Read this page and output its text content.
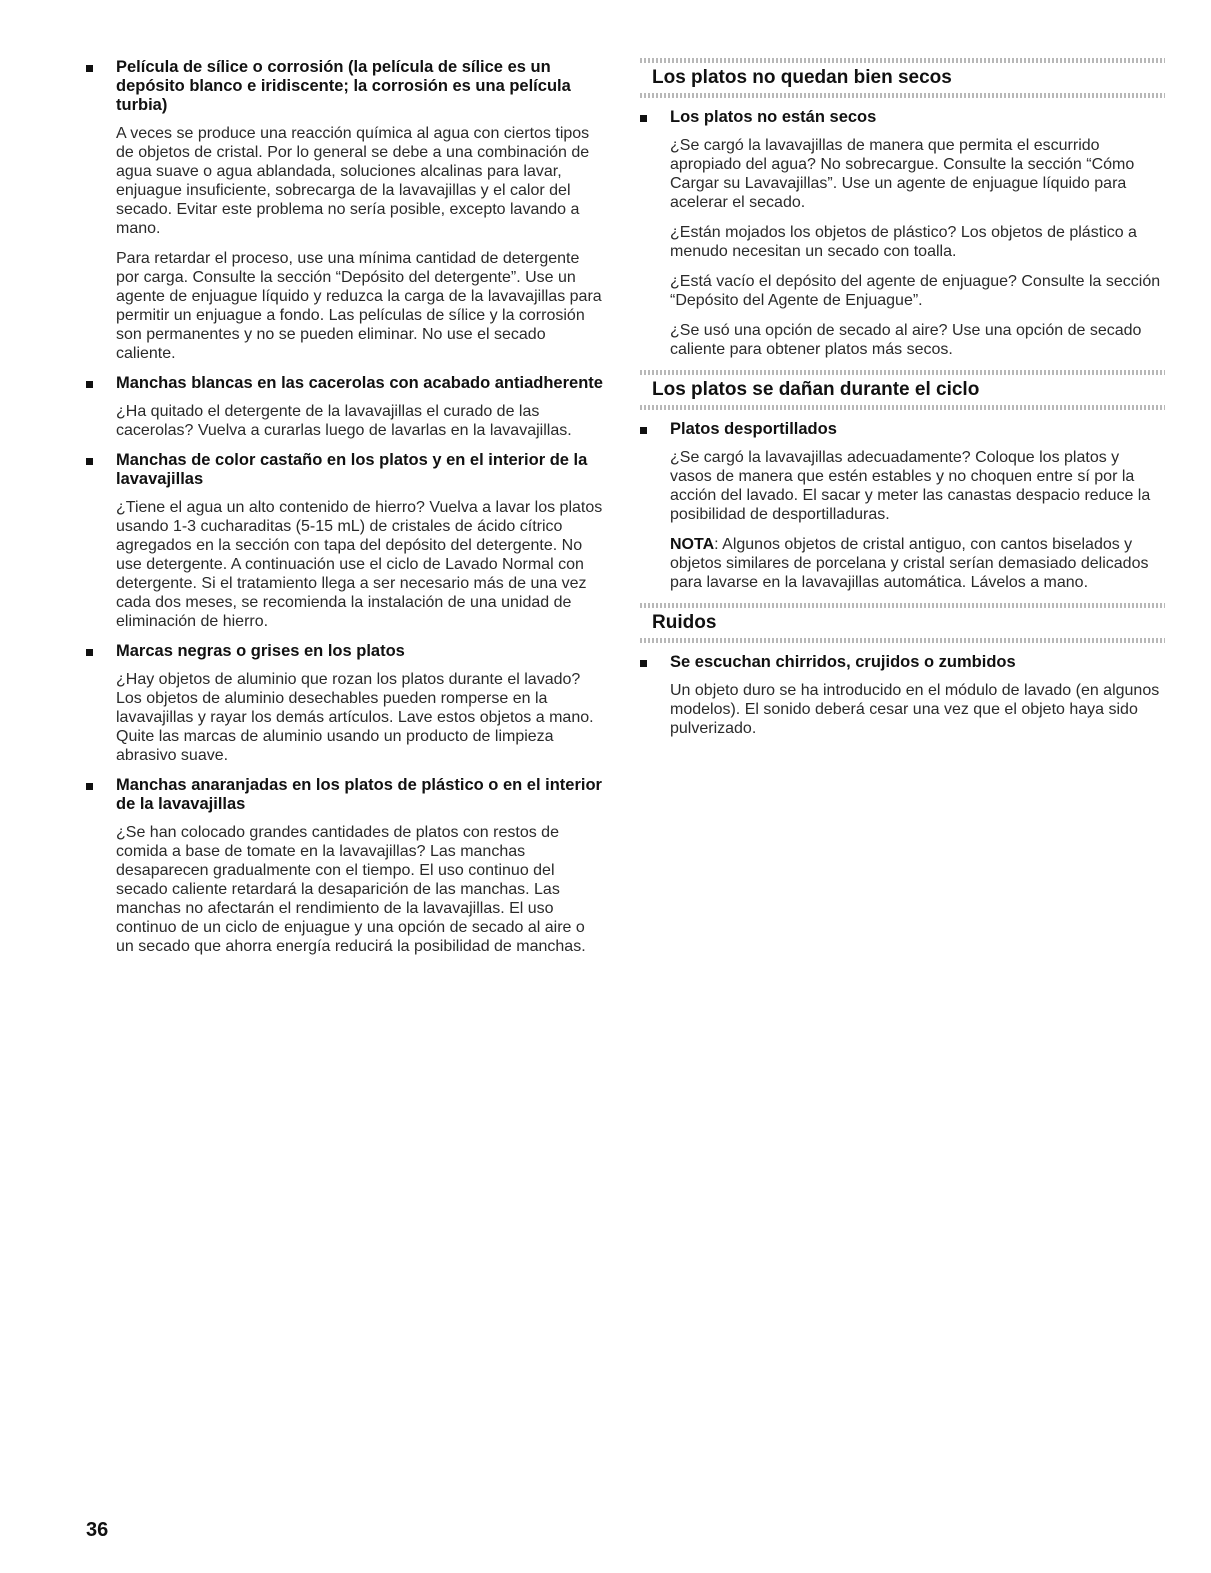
Película de sílice o corrosión (la película de sílice es un depósito blanco e iridiscente; la corrosión es una película turbia)

A veces se produce una reacción química al agua con ciertos tipos de objetos de cristal. Por lo general se debe a una combinación de agua suave o agua ablandada, soluciones alcalinas para lavar, enjuague insuficiente, sobrecarga de la lavavajillas y el calor del secado. Evitar este problema no sería posible, excepto lavando a mano.

Para retardar el proceso, use una mínima cantidad de detergente por carga. Consulte la sección “Depósito del detergente”. Use un agente de enjuague líquido y reduzca la carga de la lavavajillas para permitir un enjuague a fondo. Las películas de sílice y la corrosión son permanentes y no se pueden eliminar. No use el secado caliente.

Manchas blancas en las cacerolas con acabado antiadherente

¿Ha quitado el detergente de la lavavajillas el curado de las cacerolas? Vuelva a curarlas luego de lavarlas en la lavavajillas.

Manchas de color castaño en los platos y en el interior de la lavavajillas

¿Tiene el agua un alto contenido de hierro? Vuelva a lavar los platos usando 1-3 cucharaditas (5-15 mL) de cristales de ácido cítrico agregados en la sección con tapa del depósito del detergente. No use detergente. A continuación use el ciclo de Lavado Normal con detergente. Si el tratamiento llega a ser necesario más de una vez cada dos meses, se recomienda la instalación de una unidad de eliminación de hierro.

Marcas negras o grises en los platos

¿Hay objetos de aluminio que rozan los platos durante el lavado? Los objetos de aluminio desechables pueden romperse en la lavavajillas y rayar los demás artículos. Lave estos objetos a mano. Quite las marcas de aluminio usando un producto de limpieza abrasivo suave.

Manchas anaranjadas en los platos de plástico o en el interior de la lavavajillas

¿Se han colocado grandes cantidades de platos con restos de comida a base de tomate en la lavavajillas? Las manchas desaparecen gradualmente con el tiempo. El uso continuo del secado caliente retardará la desaparición de las manchas. Las manchas no afectarán el rendimiento de la lavavajillas. El uso continuo de un ciclo de enjuague y una opción de secado al aire o un secado que ahorra energía reducirá la posibilidad de manchas.

Los platos no quedan bien secos
Los platos no están secos

¿Se cargó la lavavajillas de manera que permita el escurrido apropiado del agua? No sobrecargue. Consulte la sección “Cómo Cargar su Lavavajillas”. Use un agente de enjuague líquido para acelerar el secado.

¿Están mojados los objetos de plástico? Los objetos de plástico a menudo necesitan un secado con toalla.

¿Está vacío el depósito del agente de enjuague? Consulte la sección “Depósito del Agente de Enjuague”.

¿Se usó una opción de secado al aire? Use una opción de secado caliente para obtener platos más secos.

Los platos se dañan durante el ciclo
Platos desportillados

¿Se cargó la lavavajillas adecuadamente? Coloque los platos y vasos de manera que estén estables y no choquen entre sí por la acción del lavado. El sacar y meter las canastas despacio reduce la posibilidad de desportilladuras.

NOTA: Algunos objetos de cristal antiguo, con cantos biselados y objetos similares de porcelana y cristal serían demasiado delicados para lavarse en la lavavajillas automática. Lávelos a mano.

Ruidos
Se escuchan chirridos, crujidos o zumbidos

Un objeto duro se ha introducido en el módulo de lavado (en algunos modelos). El sonido deberá cesar una vez que el objeto haya sido pulverizado.

36
